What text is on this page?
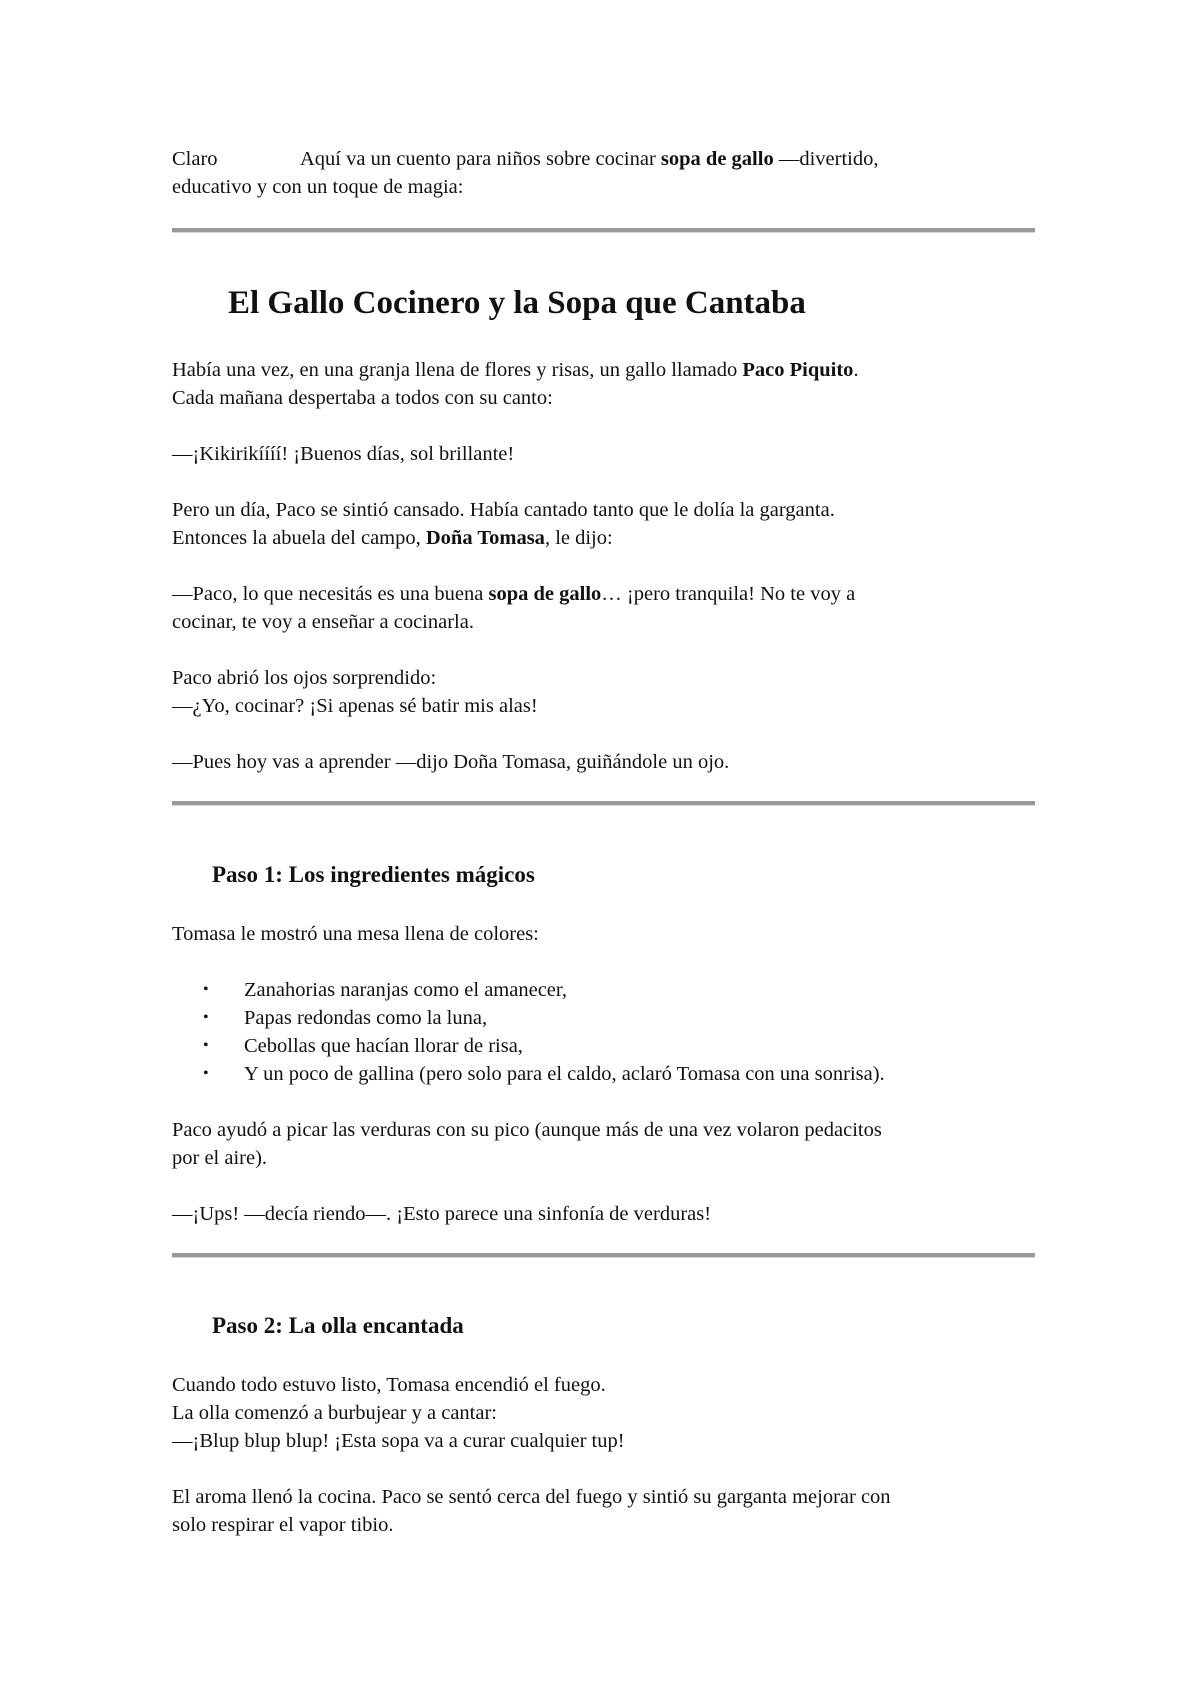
Claro	Aquí va un cuento para niños sobre cocinar sopa de gallo —divertido,
educativo y con un toque de magia:
El Gallo Cocinero y la Sopa que Cantaba
Había una vez, en una granja llena de flores y risas, un gallo llamado Paco Piquito.
Cada mañana despertaba a todos con su canto:
—¡Kikirikíííí! ¡Buenos días, sol brillante!
Pero un día, Paco se sintió cansado. Había cantado tanto que le dolía la garganta.
Entonces la abuela del campo, Doña Tomasa, le dijo:
—Paco, lo que necesitás es una buena sopa de gallo… ¡pero tranquila! No te voy a
cocinar, te voy a enseñar a cocinarla.
Paco abrió los ojos sorprendido:
—¿Yo, cocinar? ¡Si apenas sé batir mis alas!
—Pues hoy vas a aprender —dijo Doña Tomasa, guiñándole un ojo.
Paso 1: Los ingredientes mágicos
Tomasa le mostró una mesa llena de colores:
• Zanahorias naranjas como el amanecer,
• Papas redondas como la luna,
• Cebollas que hacían llorar de risa,
• Y un poco de gallina (pero solo para el caldo, aclaró Tomasa con una sonrisa).
Paco ayudó a picar las verduras con su pico (aunque más de una vez volaron pedacitos
por el aire).
—¡Ups! —decía riendo—. ¡Esto parece una sinfonía de verduras!
Paso 2: La olla encantada
Cuando todo estuvo listo, Tomasa encendió el fuego.
La olla comenzó a burbujear y a cantar:
—¡Blup blup blup! ¡Esta sopa va a curar cualquier tup!
El aroma llenó la cocina. Paco se sentó cerca del fuego y sintió su garganta mejorar con
solo respirar el vapor tibio.
